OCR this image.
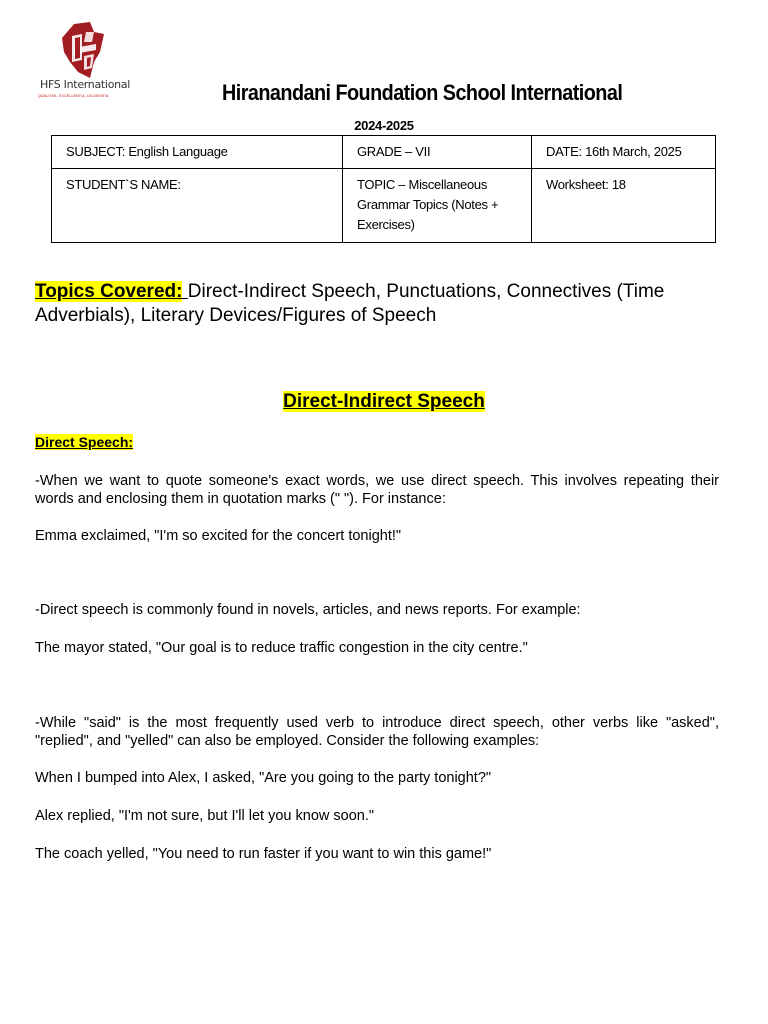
HFS International
QUALITAS, EXCELLENTIA, DILIGENTIA	Hiranandani Foundation School International
2024-2025
SUBJECT: English Language	GRADE – VII	DATE: 16th March, 2025
STUDENT`S NAME:	TOPIC – Miscellaneous Grammar Topics (Notes + Exercises)	Worksheet: 18
Topics Covered: Direct-Indirect Speech, Punctuations, Connectives (Time Adverbials), Literary Devices/Figures of Speech
Direct-Indirect Speech
Direct Speech:

-When we want to quote someone's exact words, we use direct speech. This involves repeating their words and enclosing them in quotation marks (" "). For instance:

Emma exclaimed, "I'm so excited for the concert tonight!"

-Direct speech is commonly found in novels, articles, and news reports. For example:

The mayor stated, "Our goal is to reduce traffic congestion in the city centre."

-While "said" is the most frequently used verb to introduce direct speech, other verbs like "asked", "replied", and "yelled" can also be employed. Consider the following examples:

When I bumped into Alex, I asked, "Are you going to the party tonight?"

Alex replied, "I'm not sure, but I'll let you know soon."

The coach yelled, "You need to run faster if you want to win this game!"
